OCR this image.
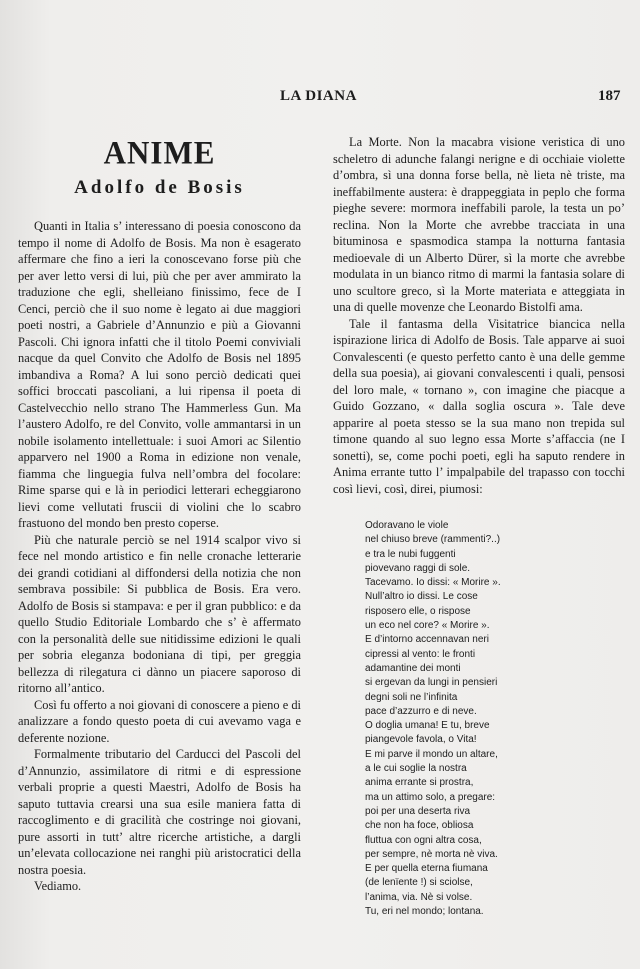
LA DIANA	187
ANIME
Adolfo de Bosis

Quanti in Italia s’ interessano di poesia conoscono da tempo il nome di Adolfo de Bosis. Ma non è esagerato affermare che fino a ieri la conoscevano forse più che per aver letto versi di lui, più che per aver ammirato la traduzione che egli, shelleiano finissimo, fece de I Cenci, perciò che il suo nome è legato ai due maggiori poeti nostri, a Gabriele d’Annunzio e più a Giovanni Pascoli. Chi ignora infatti che il titolo Poemi conviviali nacque da quel Convito che Adolfo de Bosis nel 1895 imbandiva a Roma? A lui sono perciò dedicati quei soffici broccati pascoliani, a lui ripensa il poeta di Castelvecchio nello strano The Hammerless Gun. Ma l’austero Adolfo, re del Convito, volle ammantarsi in un nobile isolamento intellettuale: i suoi Amori ac Silentio apparvero nel 1900 a Roma in edizione non venale, fiamma che linguegia fulva nell’ombra del focolare: Rime sparse qui e là in periodici letterari echeggiarono lievi come vellutati fruscii di violini che lo scabro frastuono del mondo ben presto coperse.

Più che naturale perciò se nel 1914 scalpor vivo si fece nel mondo artistico e fin nelle cronache letterarie dei grandi cotidiani al diffondersi della notizia che non sembrava possibile: Si pubblica de Bosis. Era vero. Adolfo de Bosis si stampava: e per il gran pubblico: e da quello Studio Editoriale Lombardo che s’ è affermato con la personalità delle sue nitidissime edizioni le quali per sobria eleganza bodoniana di tipi, per greggia bellezza di rilegatura ci dànno un piacere saporoso di ritorno all’antico.

Così fu offerto a noi giovani di conoscere a pieno e di analizzare a fondo questo poeta di cui avevamo vaga e deferente nozione.

Formalmente tributario del Carducci del Pascoli del d’Annunzio, assimilatore di ritmi e di espressione verbali proprie a questi Maestri, Adolfo de Bosis ha saputo tuttavia crearsi una sua esile maniera fatta di raccoglimento e di gracilità che costringe noi giovani, pure assorti in tutt’ altre ricerche artistiche, a dargli un’elevata collocazione nei ranghi più aristocratici della nostra poesia.

Vediamo.

La Morte. Non la macabra visione veristica di uno scheletro di adunche falangi nerigne e di occhiaie violette d’ombra, sì una donna forse bella, nè lieta nè triste, ma ineffabilmente austera: è drappeggiata in peplo che forma pieghe severe: mormora ineffabili parole, la testa un po’ reclina. Non la Morte che avrebbe tracciata in una bituminosa e spasmodica stampa la notturna fantasia medioevale di un Alberto Dürer, sì la morte che avrebbe modulata in un bianco ritmo di marmi la fantasia solare di uno scultore greco, sì la Morte materiata e atteggiata in una di quelle movenze che Leonardo Bistolfi ama.

Tale il fantasma della Visitatrice biancica nella ispirazione lirica di Adolfo de Bosis. Tale apparve ai suoi Convalescenti (e questo perfetto canto è una delle gemme della sua poesia), ai giovani convalescenti i quali, pensosi del loro male, « tornano », con imagine che piacque a Guido Gozzano, « dalla soglia oscura ». Tale deve apparire al poeta stesso se la sua mano non trepida sul timone quando al suo legno essa Morte s’affaccia (ne I sonetti), se, come pochi poeti, egli ha saputo rendere in Anima errante tutto l’ impalpabile del trapasso con tocchi così lievi, così, direi, piumosi:

Odoravano le viole
nel chiuso breve (rammenti?..)
e tra le nubi fuggenti
piovevano raggi di sole.
Tacevamo. Io dissi: « Morire ».
Null’altro io dissi. Le cose
risposero elle, o rispose
un eco nel core? « Morire ».
E d’intorno accennavan neri
cipressi al vento: le fronti
adamantine dei monti
si ergevan da lungi in pensieri
degni soli ne l’infinita
pace d’azzurro e di neve.
O doglia umana! E tu, breve
piangevole favola, o Vita!
E mi parve il mondo un altare,
a le cui soglie la nostra
anima errante si prostra,
ma un attimo solo, a pregare:
poi per una deserta riva
che non ha foce, obliosa
fluttua con ogni altra cosa,
per sempre, nè morta nè viva.
E per quella eterna fiumana
(de lenïente !) si sciolse,
l’anima, via. Nè si volse.
Tu, eri nel mondo; lontana.
